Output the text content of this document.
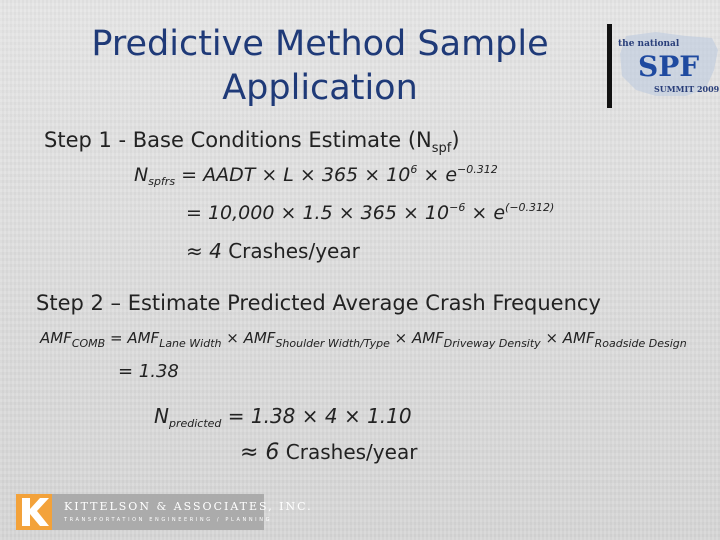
Predictive Method Sample
Application
the national
SPF
SUMMIT 2009
Step 1 - Base Conditions Estimate $(N_{spf})$
$N_{spfrs}$ = AADT × $L \times 365 \times 10^6 \times e^{-0.312}$
= $10,000 \times 1.5 \times 365 \times 10^{-6} \times e^{(-0.312)}$
≈ 4 Crashes/year
Step 2 – Estimate Predicted Average Crash Frequency
$AMF_{COMB} = AMF_{Lane Width} \times AMF_{Shoulder Width/Type} \times AMF_{Driveway Density} \times AMF_{Roadside Design}$
= 1.38
$N_{predicted} = 1.38 \times 4 \times 1.10$
≈ 6 Crashes/year
KITTELSON & ASSOCIATES, INC.
TRANSPORTATION ENGINEERING / PLANNING
